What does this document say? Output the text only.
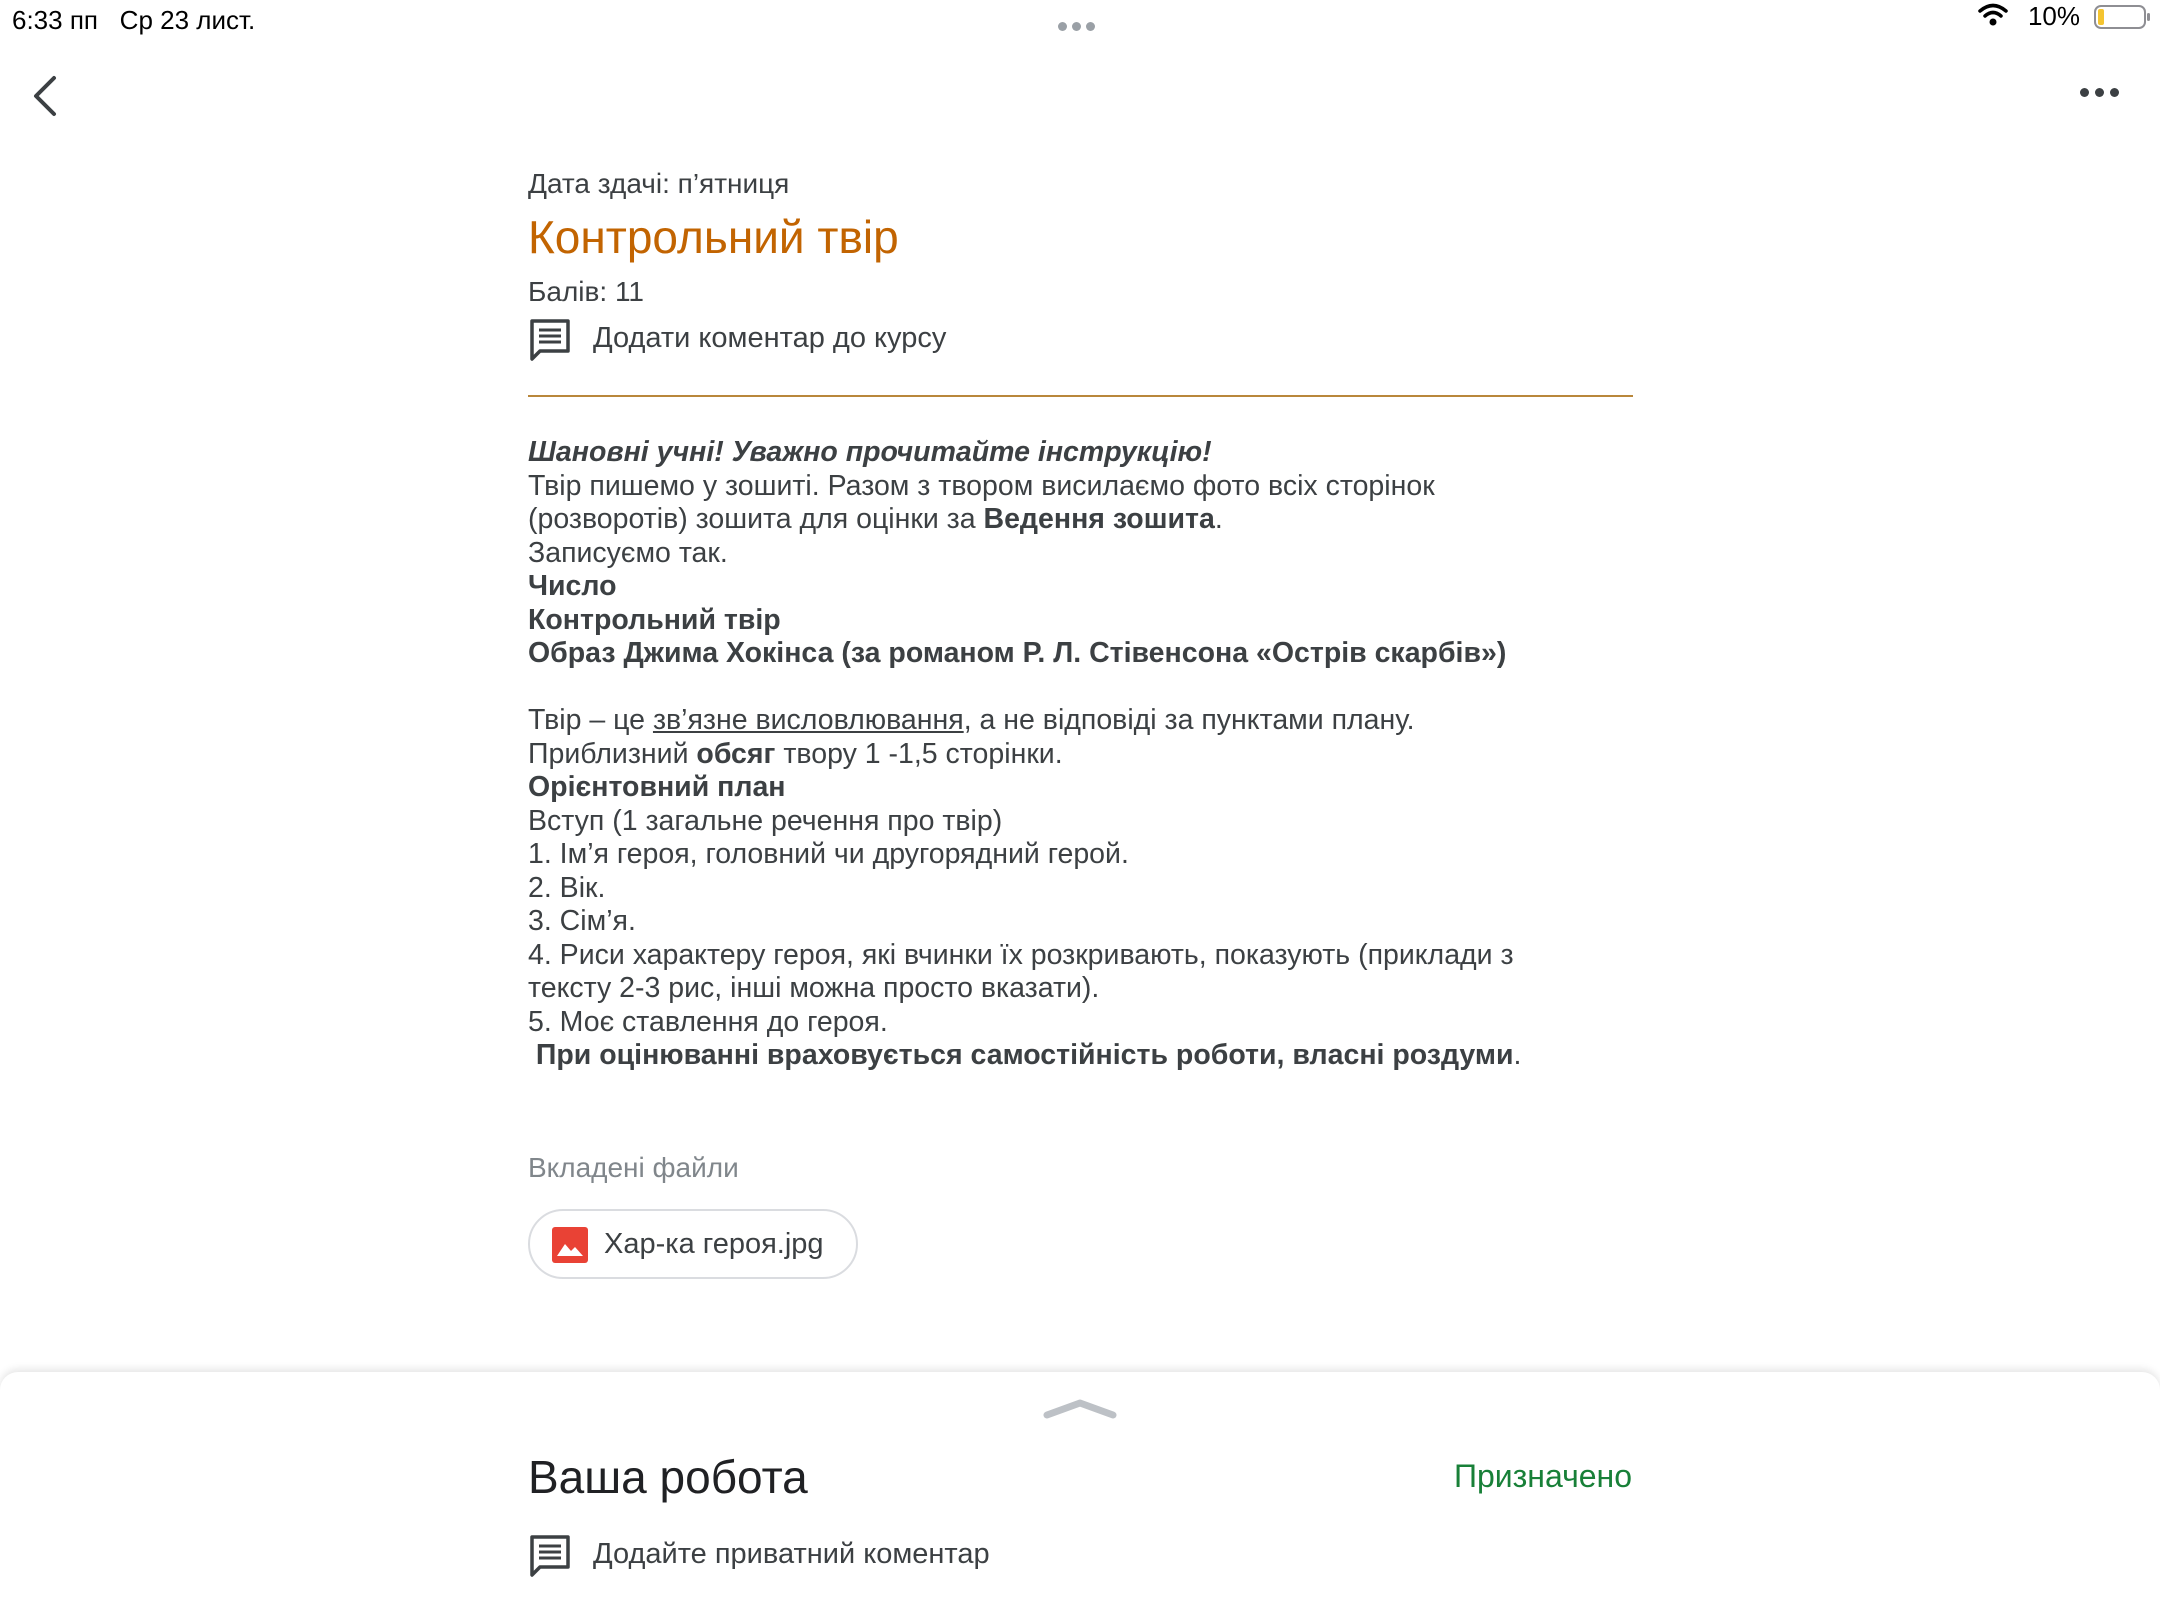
6:33 пп Ср 23 лист.	10%
Дата здачі: п’ятниця
Контрольний твір
Балів: 11
Додати коментар до курсу
Шановні учні! Уважно прочитайте інструкцію!
Твір пишемо у зошиті. Разом з твором висилаємо фото всіх сторінок
(розворотів) зошита для оцінки за Ведення зошита.
Записуємо так.
Число
Контрольний твір
Образ Джима Хокінса (за романом Р. Л. Стівенсона «Острів скарбів»)
Твір – це зв’язне висловлювання, а не відповіді за пунктами плану.
Приблизний обсяг твору 1 -1,5 сторінки.
Орієнтовний план
Вступ (1 загальне речення про твір)
1. Ім’я героя, головний чи другорядний герой.
2. Вік.
3. Сім’я.
4. Риси характеру героя, які вчинки їх розкривають, показують (приклади з
тексту 2-3 рис, інші можна просто вказати).
5. Моє ставлення до героя.
При оцінюванні враховується самостійність роботи, власні роздуми.
Вкладені файли
Хар-ка героя.jpg
Ваша робота	Призначено
Додайте приватний коментар
